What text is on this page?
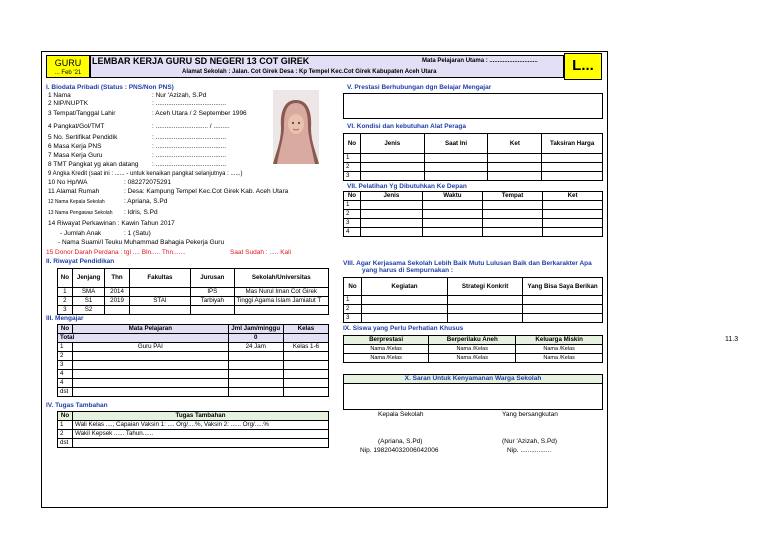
GURU
... Feb '21
LEMBAR KERJA GURU SD NEGERI 13 COT GIREK	Mata Pelajaran Utama : .............................
Alamat Sekolah : Jalan. Cot Girek Desa : Kp Tempel Kec.Cot Girek Kabupaten Aceh Utara	L...
I. Biodata Pribadi (Status : PNS/Non PNS)
1 Nama	: Nur 'Azizah, S.Pd
2 NIP/NUPTK	: .......................................
3 Tempat/Tanggal Lahir	: Aceh Utara / 2 September 1996
4 Pangkat/Gol/TMT	: ............................. / .........
5 No. Sertifikat Pendidik	: .......................................
6 Masa Kerja PNS	: .......................................
7 Masa Kerja Guru	: .......................................
8 TMT Pangkat yg akan datang : .......................................
9 Angka Kredit (saat ini : ...... - untuk kenaikan pangkat selanjutnya : ......)
10 No Hp/WA	: 082272075291
11 Alamat Rumah	: Desa: Kampung Tempel Kec.Cot Girek Kab. Aceh Utara
12 Nama Kepala Sekolah	: Apriana, S.Pd
13 Nama Pengawas Sekolah : Idris, S.Pd
14 Riwayat Perkawinan : Kawin Tahun 2017
- Jumlah Anak	: 1 (Satu)
- Nama Suami/I Teuku Muhammad Bahagia Pekerja Guru
15 Donor Darah Perdana : tgl .... Bln..... Thn.......	Saat Sudah : ..... Kali
II. Riwayat Pendidikan
No	Jenjang	Thn	Fakultas	Jurusan	Sekolah/Universitas
1	SMA	2014		IPS	Mas Nurul Iman Cot Girek
2	S1	2019	STAI	Tarbiyah	Tinggi Agama Islam Jamiatut T
3	S2				
III. Mengajar
No	Mata Pelajaran	Jml Jam/minggu	Kelas
Total		0	
1	Guru PAI	24 Jam	Kelas 1-6
2			
3			
4			
4			
dst			
IV. Tugas Tambahan
No	Tugas Tambahan
1	Wali Kelas ...., Capaian Vaksin 1: .... Org/....%, Vaksin 2: ...... Org/.....%
2	Wakil Kepsek ...... Tahun......
dst	
V. Prestasi Berhubungan dgn Belajar Mengajar
VI. Kondisi dan kebutuhan Alat Peraga
No	Jenis	Saat Ini	Ket	Taksiran Harga
1				
2				
3				
VII. Pelatihan Yg Dibutuhkan Ke Depan
No	Jenis	Waktu	Tempat	Ket
1				
2				
3				
4				
VIII. Agar Kerjasama Sekolah Lebih Baik Mutu Lulusan Baik dan Berkarakter Apa
yang harus di Sempurnakan :
No	Kegiatan	Strategi Konkrit	Yang Bisa Saya Berikan
1			
2			
3			
IX. Siswa yang Perlu Perhatian Khusus
Berprestasi	Berperilaku Aneh	Keluarga Miskin
Nama /Kelas	Nama /Kelas	Nama /Kelas
Nama /Kelas	Nama /Kelas	Nama /Kelas
X. Saran Untuk Kenyamanan Warga Sekolah
Kepala Sekolah	Yang bersangkutan
(Apriana, S.Pd)	(Nur 'Azizah, S.Pd)
Nip. 198204032006042006	Nip. .................
11.3
